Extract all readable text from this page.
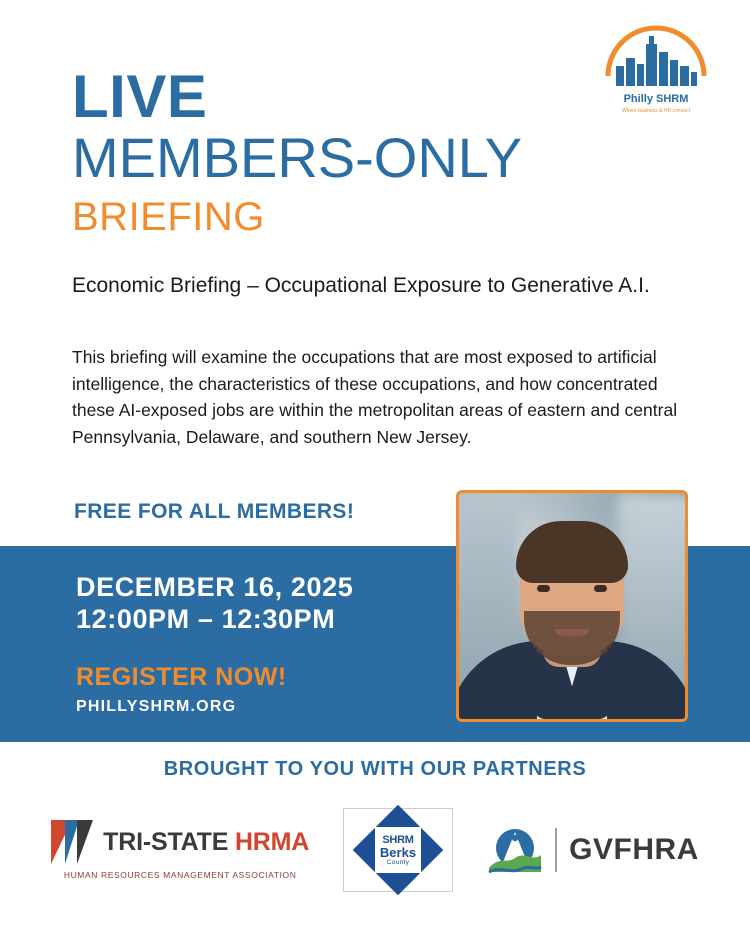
Philly SHRM
Where business & HR connect
LIVE
MEMBERS-ONLY
BRIEFING
Economic Briefing – Occupational Exposure to Generative A.I.
This briefing will examine the occupations that are most exposed to artificial intelligence, the characteristics of these occupations, and how concentrated these AI-exposed jobs are within the metropolitan areas of eastern and central Pennsylvania, Delaware, and southern New Jersey.
FREE FOR ALL MEMBERS!
DECEMBER 16, 2025
12:00PM – 12:30PM
REGISTER NOW!
PHILLYSHRM.ORG
BROUGHT TO YOU WITH OUR PARTNERS
TRI-STATE HRMA
HUMAN RESOURCES MANAGEMENT ASSOCIATION
SHRM
Berks
County	GVFHRA
